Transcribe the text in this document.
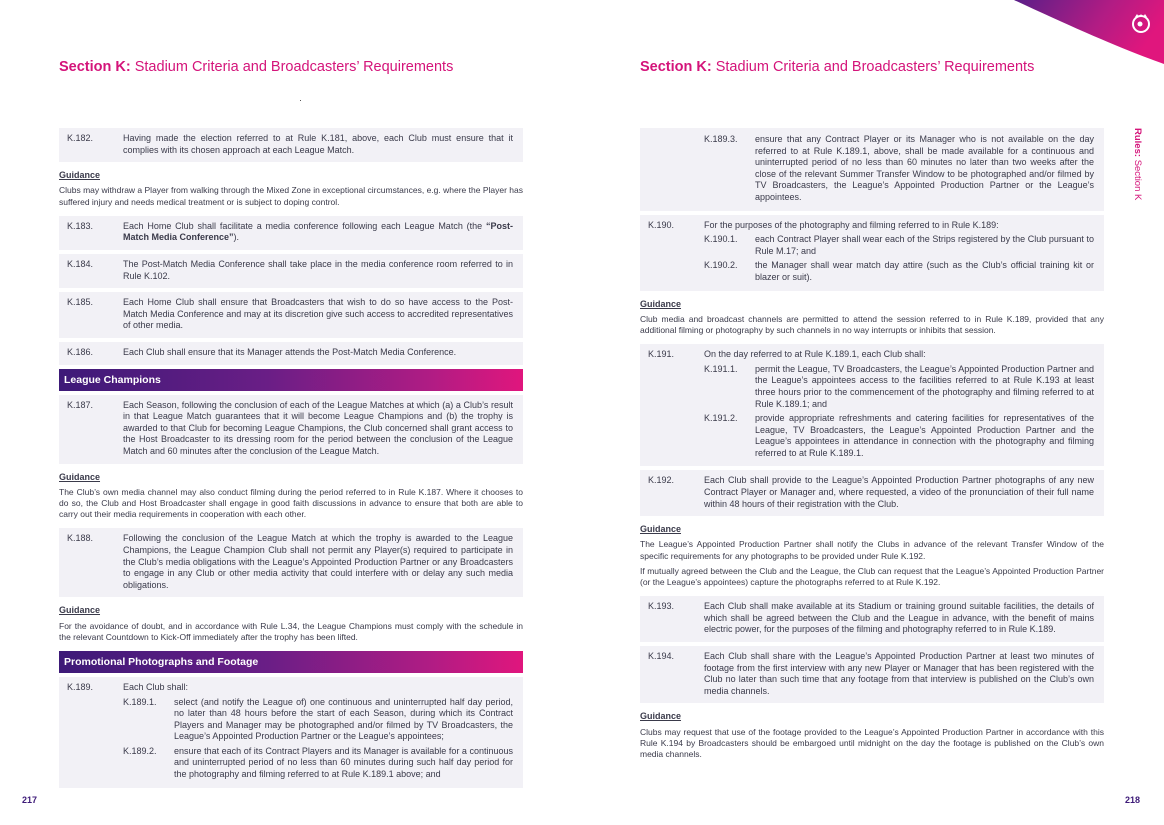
Section K: Stadium Criteria and Broadcasters’ Requirements
K.182.	Having made the election referred to at Rule K.181, above, each Club must ensure that it complies with its chosen approach at each League Match.
Guidance

Clubs may withdraw a Player from walking through the Mixed Zone in exceptional circumstances, e.g. where the Player has suffered injury and needs medical treatment or is subject to doping control.

K.183.	Each Home Club shall facilitate a media conference following each League Match (the “Post-Match Media Conference”).
K.184.	The Post-Match Media Conference shall take place in the media conference room referred to in Rule K.102.
K.185.	Each Home Club shall ensure that Broadcasters that wish to do so have access to the Post-Match Media Conference and may at its discretion give such access to accredited representatives of other media.
K.186.	Each Club shall ensure that its Manager attends the Post-Match Media Conference.
League Champions
K.187.	Each Season, following the conclusion of each of the League Matches at which (a) a Club’s result in that League Match guarantees that it will become League Champions and (b) the trophy is awarded to that Club for becoming League Champions, the Club concerned shall grant access to the Host Broadcaster to its dressing room for the period between the conclusion of the League Match and 60 minutes after the conclusion of the League Match.
Guidance

The Club’s own media channel may also conduct filming during the period referred to in Rule K.187. Where it chooses to do so, the Club and Host Broadcaster shall engage in good faith discussions in advance to ensure that both are able to carry out their media requirements in cooperation with each other.

K.188.	Following the conclusion of the League Match at which the trophy is awarded to the League Champions, the League Champion Club shall not permit any Player(s) required to participate in the Club’s media obligations with the League’s Appointed Production Partner or any Broadcasters to engage in any Club or other media activity that could interfere with or delay any such media obligations.
Guidance

For the avoidance of doubt, and in accordance with Rule L.34, the League Champions must comply with the schedule in the relevant Countdown to Kick-Off immediately after the trophy has been lifted.

Promotional Photographs and Footage
K.189.	Each Club shall:
K.189.1.	select (and notify the League of) one continuous and uninterrupted half day period, no later than 48 hours before the start of each Season, during which its Contract Players and Manager may be photographed and/or filmed by TV Broadcasters, the League’s Appointed Production Partner or the League’s appointees;
K.189.2.	ensure that each of its Contract Players and its Manager is available for a continuous and uninterrupted period of no less than 60 minutes during such half day period for the photography and filming referred to at Rule K.189.1 above; and
217
Section K: Stadium Criteria and Broadcasters’ Requirements
K.189.3.	ensure that any Contract Player or its Manager who is not available on the day referred to at Rule K.189.1, above, shall be made available for a continuous and uninterrupted period of no less than 60 minutes no later than two weeks after the close of the relevant Summer Transfer Window to be photographed and/or filmed by TV Broadcasters, the League’s Appointed Production Partner or the League’s appointees.
K.190.	For the purposes of the photography and filming referred to in Rule K.189:
K.190.1.	each Contract Player shall wear each of the Strips registered by the Club pursuant to Rule M.17; and
K.190.2.	the Manager shall wear match day attire (such as the Club’s official training kit or blazer or suit).
Guidance

Club media and broadcast channels are permitted to attend the session referred to in Rule K.189, provided that any additional filming or photography by such channels in no way interrupts or inhibits that session.

K.191.	On the day referred to at Rule K.189.1, each Club shall:
K.191.1.	permit the League, TV Broadcasters, the League’s Appointed Production Partner and the League’s appointees access to the facilities referred to at Rule K.193 at least three hours prior to the commencement of the photography and filming referred to at Rule K.189.1; and
K.191.2.	provide appropriate refreshments and catering facilities for representatives of the League, TV Broadcasters, the League’s Appointed Production Partner and the League’s appointees in attendance in connection with the photography and filming referred to at Rule K.189.1.
K.192.	Each Club shall provide to the League’s Appointed Production Partner photographs of any new Contract Player or Manager and, where requested, a video of the pronunciation of their full name within 48 hours of their registration with the Club.
Guidance

The League’s Appointed Production Partner shall notify the Clubs in advance of the relevant Transfer Window of the specific requirements for any photographs to be provided under Rule K.192.

If mutually agreed between the Club and the League, the Club can request that the League’s Appointed Production Partner (or the League’s appointees) capture the photographs referred to at Rule K.192.

K.193.	Each Club shall make available at its Stadium or training ground suitable facilities, the details of which shall be agreed between the Club and the League in advance, with the benefit of mains electric power, for the purposes of the filming and photography referred to in Rule K.189.
K.194.	Each Club shall share with the League’s Appointed Production Partner at least two minutes of footage from the first interview with any new Player or Manager that has been registered with the Club no later than such time that any footage from that interview is published on the Club’s own media channels.
Guidance

Clubs may request that use of the footage provided to the League’s Appointed Production Partner in accordance with this Rule K.194 by Broadcasters should be embargoed until midnight on the day the footage is published on the Club’s own media channels.

218
Rules: Section K
